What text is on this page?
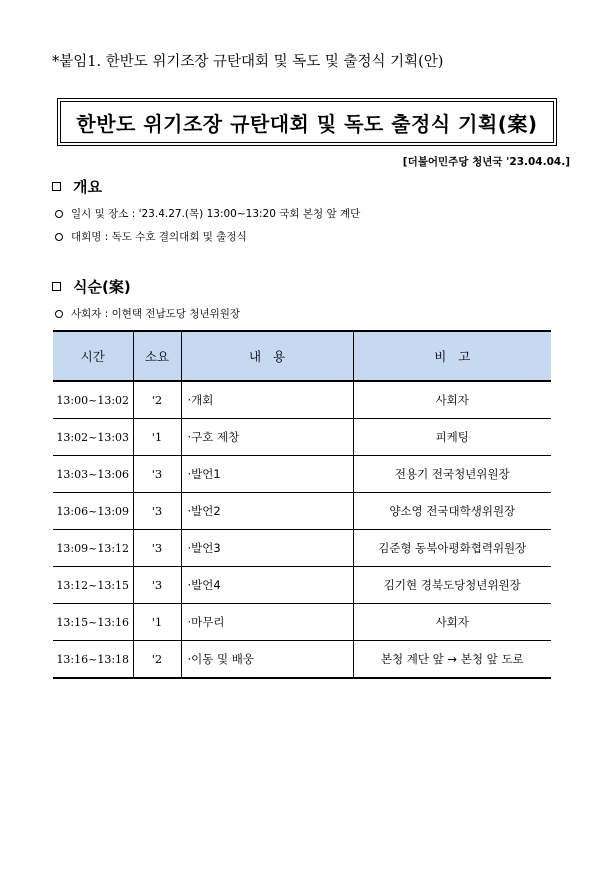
*붙임1. 한반도 위기조장 규탄대회 및 독도 및 출정식 기획(안)
한반도 위기조장 규탄대회 및 독도 출정식 기획(案)
[더불어민주당 청년국 '23.04.04.]
개요
일시 및 장소 : '23.4.27.(목) 13:00~13:20 국회 본청 앞 계단
대회명 : 독도 수호 결의대회 및 출정식
식순(案)
사회자 : 이현택 전남도당 청년위원장
시간	소요	내   용	비   고
13:00~13:02	'2	·개회	사회자
13:02~13:03	'1	·구호 제창	피케팅
13:03~13:06	'3	·발언1	전용기 전국청년위원장
13:06~13:09	'3	·발언2	양소영 전국대학생위원장
13:09~13:12	'3	·발언3	김준형 동북아평화협력위원장
13:12~13:15	'3	·발언4	김기현 경북도당청년위원장
13:15~13:16	'1	·마무리	사회자
13:16~13:18	'2	·이동 및 배웅	본청 계단 앞 → 본청 앞 도로
